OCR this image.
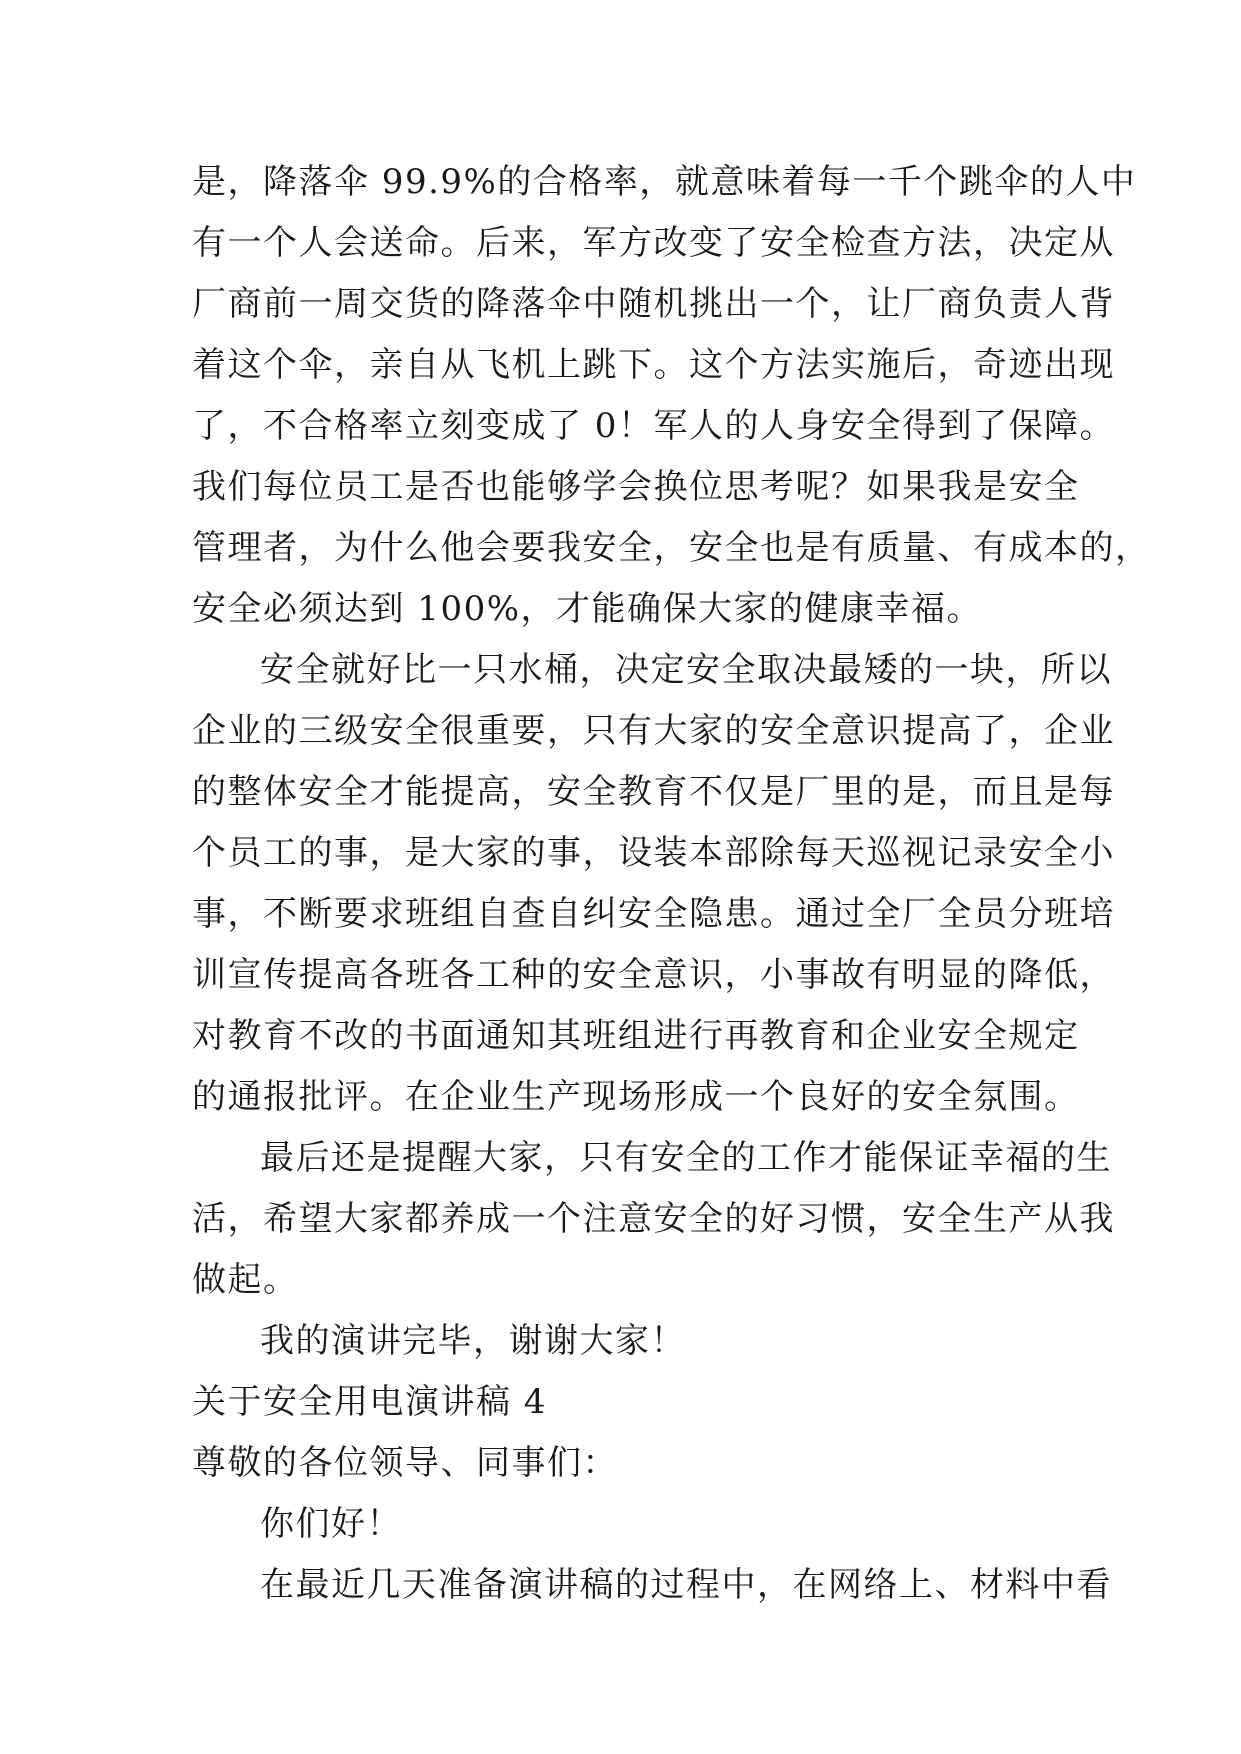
是，降落伞 99.9%的合格率，就意味着每一千个跳伞的人中
有一个人会送命。后来，军方改变了安全检查方法，决定从
厂商前一周交货的降落伞中随机挑出一个，让厂商负责人背
着这个伞，亲自从飞机上跳下。这个方法实施后，奇迹出现
了，不合格率立刻变成了 0！军人的人身安全得到了保障。
我们每位员工是否也能够学会换位思考呢？如果我是安全
管理者，为什么他会要我安全，安全也是有质量、有成本的，
安全必须达到 100%，才能确保大家的健康幸福。

安全就好比一只水桶，决定安全取决最矮的一块，所以
企业的三级安全很重要，只有大家的安全意识提高了，企业
的整体安全才能提高，安全教育不仅是厂里的是，而且是每
个员工的事，是大家的事，设装本部除每天巡视记录安全小
事，不断要求班组自查自纠安全隐患。通过全厂全员分班培
训宣传提高各班各工种的安全意识，小事故有明显的降低，
对教育不改的书面通知其班组进行再教育和企业安全规定
的通报批评。在企业生产现场形成一个良好的安全氛围。

最后还是提醒大家，只有安全的工作才能保证幸福的生
活，希望大家都养成一个注意安全的好习惯，安全生产从我
做起。

我的演讲完毕，谢谢大家！

关于安全用电演讲稿 4

尊敬的各位领导、同事们：

你们好！

在最近几天准备演讲稿的过程中，在网络上、材料中看
